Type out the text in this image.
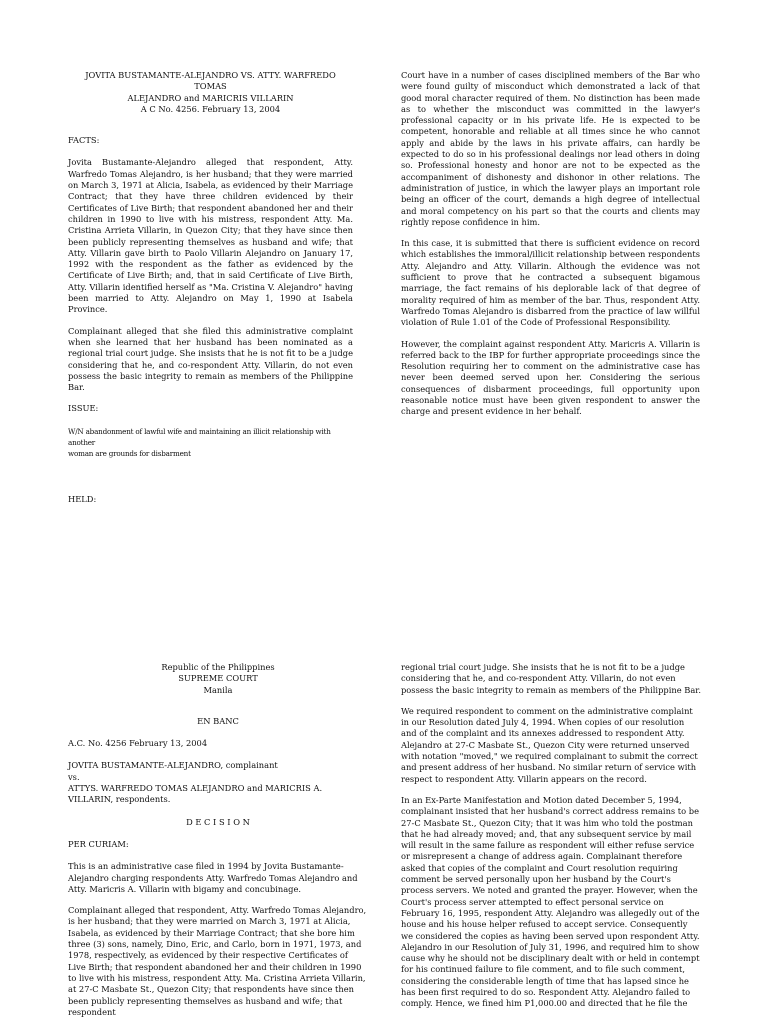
JOVITA BUSTAMANTE-ALEJANDRO VS. ATTY. WARFREDO TOMAS
ALEJANDRO and MARICRIS VILLARIN
A C No. 4256. February 13, 2004
FACTS:

Jovita Bustamante-Alejandro alleged that respondent, Atty. Warfredo Tomas Alejandro, is her husband; that they were married on March 3, 1971 at Alicia, Isabela, as evidenced by their Marriage Contract; that they have three children evidenced by their Certificates of Live Birth; that respondent abandoned her and their children in 1990 to live with his mistress, respondent Atty. Ma. Cristina Arrieta Villarin, in Quezon City; that they have since then been publicly representing themselves as husband and wife; that Atty. Villarin gave birth to Paolo Villarin Alejandro on January 17, 1992 with the respondent as the father as evidenced by the Certificate of Live Birth; and, that in said Certificate of Live Birth, Atty. Villarin identified herself as "Ma. Cristina V. Alejandro" having been married to Atty. Alejandro on May 1, 1990 at Isabela Province.

Complainant alleged that she filed this administrative complaint when she learned that her husband has been nominated as a regional trial court judge. She insists that he is not fit to be a judge considering that he, and co-respondent Atty. Villarin, do not even possess the basic integrity to remain as members of the Philippine Bar.

ISSUE:
W/N abandonment of lawful wife and maintaining an illicit relationship with another
woman are grounds for disbarment
HELD:

Court have in a number of cases disciplined members of the Bar who were found guilty of misconduct which demonstrated a lack of that good moral character required of them. No distinction has been made as to whether the misconduct was committed in the lawyer's professional capacity or in his private life. He is expected to be competent, honorable and reliable at all times since he who cannot apply and abide by the laws in his private affairs, can hardly be expected to do so in his professional dealings nor lead others in doing so. Professional honesty and honor are not to be expected as the accompaniment of dishonesty and dishonor in other relations. The administration of justice, in which the lawyer plays an important role being an officer of the court, demands a high degree of intellectual and moral competency on his part so that the courts and clients may rightly repose confidence in him.

In this case, it is submitted that there is sufficient evidence on record which establishes the immoral/illicit relationship between respondents Atty. Alejandro and Atty. Villarin. Although the evidence was not sufficient to prove that he contracted a subsequent bigamous marriage, the fact remains of his deplorable lack of that degree of morality required of him as member of the bar. Thus, respondent Atty. Warfredo Tomas Alejandro is disbarred from the practice of law willful violation of Rule 1.01 of the Code of Professional Responsibility.

However, the complaint against respondent Atty. Maricris A. Villarin is referred back to the IBP for further appropriate proceedings since the Resolution requiring her to comment on the administrative case has never been deemed served upon her. Considering the serious consequences of disbarment proceedings, full opportunity upon reasonable notice must have been given respondent to answer the charge and present evidence in her behalf.

Republic of the Philippines
SUPREME COURT
Manila
EN BANC
A.C. No. 4256 February 13, 2004
JOVITA BUSTAMANTE-ALEJANDRO, complainant
vs.
ATTYS. WARFREDO TOMAS ALEJANDRO and MARICRIS A. VILLARIN, respondents.
D E C I S I O N
PER CURIAM:

This is an administrative case filed in 1994 by Jovita Bustamante-Alejandro charging respondents Atty. Warfredo Tomas Alejandro and Atty. Maricris A. Villarin with bigamy and concubinage.

Complainant alleged that respondent, Atty. Warfredo Tomas Alejandro, is her husband; that they were married on March 3, 1971 at Alicia, Isabela, as evidenced by their Marriage Contract; that she bore him three (3) sons, namely, Dino, Eric, and Carlo, born in 1971, 1973, and 1978, respectively, as evidenced by their respective Certificates of Live Birth; that respondent abandoned her and their children in 1990 to live with his mistress, respondent Atty. Ma. Cristina Arrieta Villarin, at 27-C Masbate St., Quezon City; that respondents have since then been publicly representing themselves as husband and wife; that respondent

regional trial court judge. She insists that he is not fit to be a judge considering that he, and co-respondent Atty. Villarin, do not even possess the basic integrity to remain as members of the Philippine Bar.

We required respondent to comment on the administrative complaint in our Resolution dated July 4, 1994. When copies of our resolution and of the complaint and its annexes addressed to respondent Atty. Alejandro at 27-C Masbate St., Quezon City were returned unserved with notation "moved," we required complainant to submit the correct and present address of her husband. No similar return of service with respect to respondent Atty. Villarin appears on the record.

In an Ex-Parte Manifestation and Motion dated December 5, 1994, complainant insisted that her husband's correct address remains to be 27-C Masbate St., Quezon City; that it was him who told the postman that he had already moved; and, that any subsequent service by mail will result in the same failure as respondent will either refuse service or misrepresent a change of address again. Complainant therefore asked that copies of the complaint and Court resolution requiring comment be served personally upon her husband by the Court's process servers. We noted and granted the prayer. However, when the Court's process server attempted to effect personal service on February 16, 1995, respondent Atty. Alejandro was allegedly out of the house and his house helper refused to accept service. Consequently we considered the copies as having been served upon respondent Atty. Alejandro in our Resolution of July 31, 1996, and required him to show cause why he should not be disciplinary dealt with or held in contempt for his continued failure to file comment, and to file such comment, considering the considerable length of time that has lapsed since he has been first required to do so. Respondent Atty. Alejandro failed to comply. Hence, we fined him P1,000.00 and directed that he file the
